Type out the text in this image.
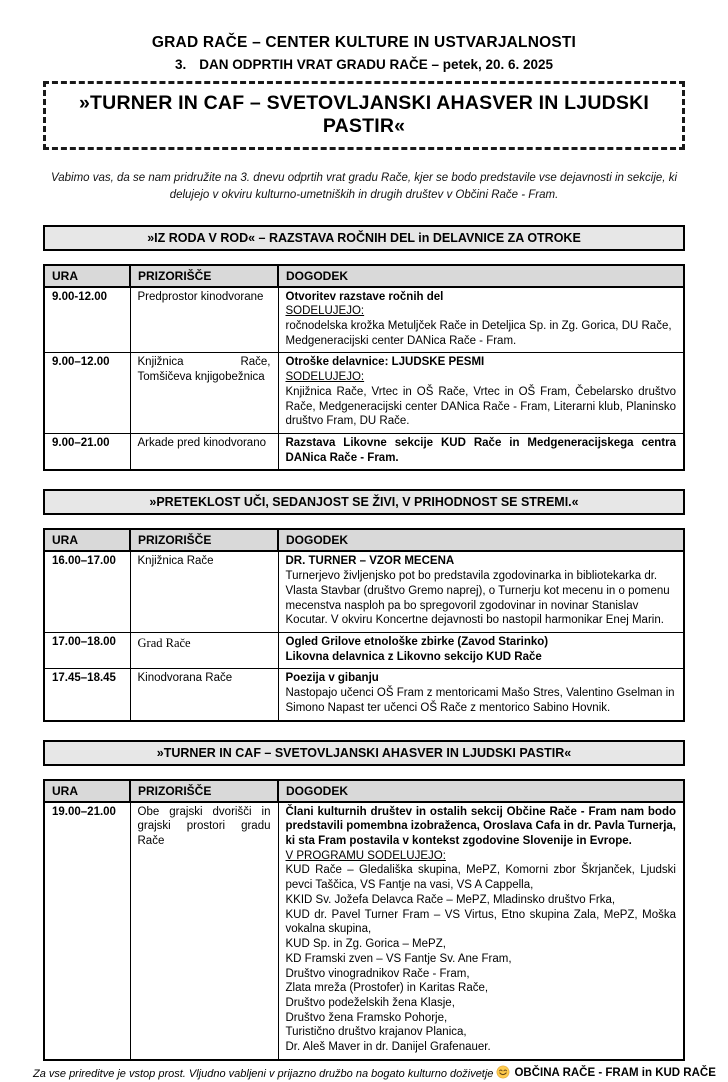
GRAD RAČE – CENTER KULTURE IN USTVARJALNOSTI
3. DAN ODPRTIH VRAT GRADU RAČE – petek, 20. 6. 2025
»TURNER IN CAF – SVETOVLJANSKI AHASVER IN LJUDSKI PASTIR«
Vabimo vas, da se nam pridružite na 3. dnevu odprtih vrat gradu Rače, kjer se bodo predstavile vse dejavnosti in sekcije, ki delujejo v okviru kulturno-umetniških in drugih društev v Občini Rače - Fram.
»IZ RODA V ROD« – RAZSTAVA ROČNIH DEL in DELAVNICE ZA OTROKE
URA	PRIZORIŠČE	DOGODEK
9.00-12.00	Predprostor kinodvorane	Otvoritev razstave ročnih del
SODELUJEJO:
ročnodelska krožka Metuljček Rače in Deteljica Sp. in Zg. Gorica, DU Rače, Medgeneracijski center DANica Rače - Fram.

9.00–12.00	Knjižnica Rače, Tomšičeva knjigobežnica	Otroške delavnice: LJUDSKE PESMI
SODELUJEJO:
Knjižnica Rače, Vrtec in OŠ Rače, Vrtec in OŠ Fram, Čebelarsko društvo Rače, Medgeneracijski center DANica Rače - Fram, Literarni klub, Planinsko društvo Fram, DU Rače.

9.00–21.00	Arkade pred kinodvorano	Razstava Likovne sekcije KUD Rače in Medgeneracijskega centra DANica Rače - Fram.
»PRETEKLOST UČI, SEDANJOST SE ŽIVI, V PRIHODNOST SE STREMI.«
URA	PRIZORIŠČE	DOGODEK
16.00–17.00	Knjižnica Rače	DR. TURNER – VZOR MECENA
Turnerjevo življenjsko pot bo predstavila zgodovinarka in bibliotekarka dr. Vlasta Stavbar (društvo Gremo naprej), o Turnerju kot mecenu in o pomenu mecenstva nasploh pa bo spregovoril zgodovinar in novinar Stanislav Kocutar. V okviru Koncertne dejavnosti bo nastopil harmonikar Enej Marin.

17.00–18.00	Grad Rače	Ogled Grilove etnološke zbirke (Zavod Starinko)
Likovna delavnica z Likovno sekcijo KUD Rače

17.45–18.45	Kinodvorana Rače	Poezija v gibanju
Nastopajo učenci OŠ Fram z mentoricami Mašo Stres, Valentino Gselman in Simono Napast ter učenci OŠ Rače z mentorico Sabino Hovnik.
»TURNER IN CAF – SVETOVLJANSKI AHASVER IN LJUDSKI PASTIR«
URA	PRIZORIŠČE	DOGODEK
19.00–21.00	Obe grajski dvorišči in grajski prostori gradu Rače	
Člani kulturnih društev in ostalih sekcij Občine Rače - Fram nam bodo predstavili pomembna izobraženca, Oroslava Cafa in dr. Pavla Turnerja, ki sta Fram postavila v kontekst zgodovine Slovenije in Evrope.
V PROGRAMU SODELUJEJO:
KUD Rače – Gledališka skupina, MePZ, Komorni zbor Škrjanček, Ljudski pevci Taščica, VS Fantje na vasi, VS A Cappella,
KKID Sv. Jožefa Delavca Rače – MePZ, Mladinsko društvo Frka,
KUD dr. Pavel Turner Fram – VS Virtus, Etno skupina Zala, MePZ, Moška vokalna skupina,
KUD Sp. in Zg. Gorica – MePZ,
KD Framski zven – VS Fantje Sv. Ane Fram,
Društvo vinogradnikov Rače - Fram,
Zlata mreža (Prostofer) in Karitas Rače,
Društvo podeželskih žena Klasje,
Društvo žena Framsko Pohorje,
Turistično društvo krajanov Planica,
Dr. Aleš Maver in dr. Danijel Grafenauer.
Za vse prireditve je vstop prost. Vljudno vabljeni v prijazno družbo na bogato kulturno doživetje	OBČINA RAČE - FRAM in KUD RAČE
